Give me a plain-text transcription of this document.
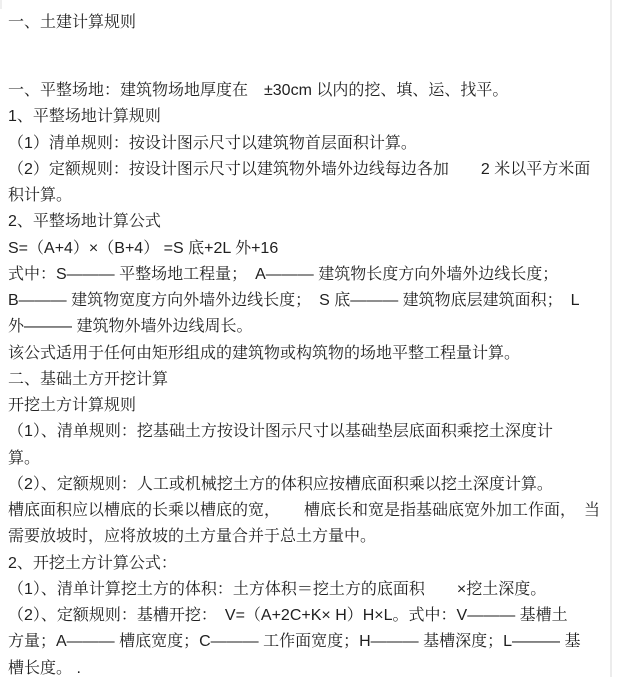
一、土建计算规则
一、平整场地：建筑物场地厚度在　±30cm 以内的挖、填、运、找平。
1、平整场地计算规则
（1）清单规则：按设计图示尺寸以建筑物首层面积计算。
（2）定额规则：按设计图示尺寸以建筑物外墙外边线每边各加　　2 米以平方米面
积计算。
2、平整场地计算公式
S=（A+4）×（B+4） =S 底+2L 外+16
式中：S——— 平整场地工程量；　A——— 建筑物长度方向外墙外边线长度；
B——— 建筑物宽度方向外墙外边线长度；　S 底——— 建筑物底层建筑面积；　L
外——— 建筑物外墙外边线周长。
该公式适用于任何由矩形组成的建筑物或构筑物的场地平整工程量计算。
二、基础土方开挖计算
开挖土方计算规则
（1）、清单规则：挖基础土方按设计图示尺寸以基础垫层底面积乘挖土深度计
算。
（2）、定额规则：人工或机械挖土方的体积应按槽底面积乘以挖土深度计算。
槽底面积应以槽底的长乘以槽底的宽，　　槽底长和宽是指基础底宽外加工作面，　当
需要放坡时，应将放坡的土方量合并于总土方量中。
2、开挖土方计算公式：
（1）、清单计算挖土方的体积：土方体积＝挖土方的底面积　　×挖土深度。
（2）、定额规则：基槽开挖：　V=（A+2C+K× H）H×L。式中：V——— 基槽土
方量；A——— 槽底宽度；C——— 工作面宽度；H——— 基槽深度；L——— 基
槽长度。 .
